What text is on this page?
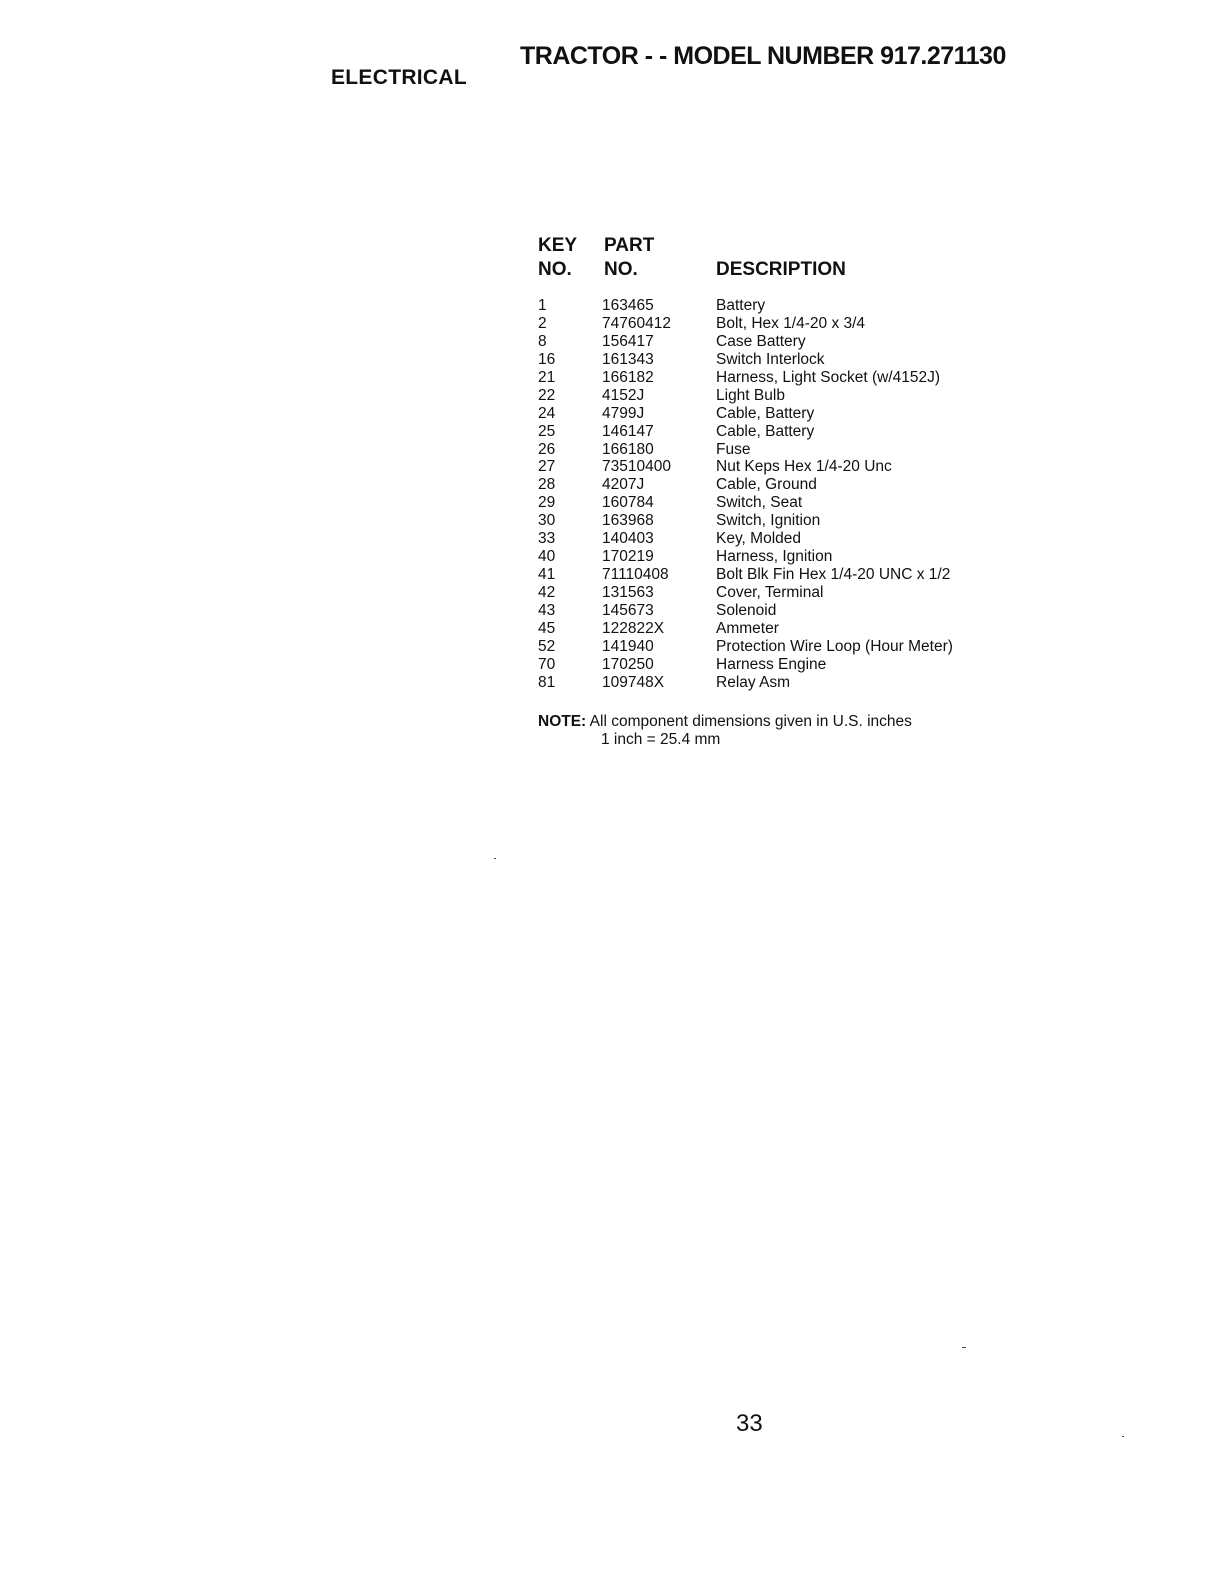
TRACTOR - - MODEL NUMBER 917.271130
ELECTRICAL
KEY
NO.
PART
NO.	DESCRIPTION
1	163465	Battery
2	74760412	Bolt, Hex 1/4-20 x 3/4
8	156417	Case Battery
16	161343	Switch Interlock
21	166182	Harness, Light Socket (w/4152J)
22	4152J	Light Bulb
24	4799J	Cable, Battery
25	146147	Cable, Battery
26	166180	Fuse
27	73510400	Nut Keps Hex 1/4-20 Unc
28	4207J	Cable, Ground
29	160784	Switch, Seat
30	163968	Switch, Ignition
33	140403	Key, Molded
40	170219	Harness, Ignition
41	71110408	Bolt Blk Fin Hex 1/4-20 UNC x 1/2
42	131563	Cover, Terminal
43	145673	Solenoid
45	122822X	Ammeter
52	141940	Protection Wire Loop (Hour Meter)
70	170250	Harness Engine
81	109748X	Relay Asm
NOTE: All component dimensions given in U.S. inches
1 inch = 25.4 mm
33
